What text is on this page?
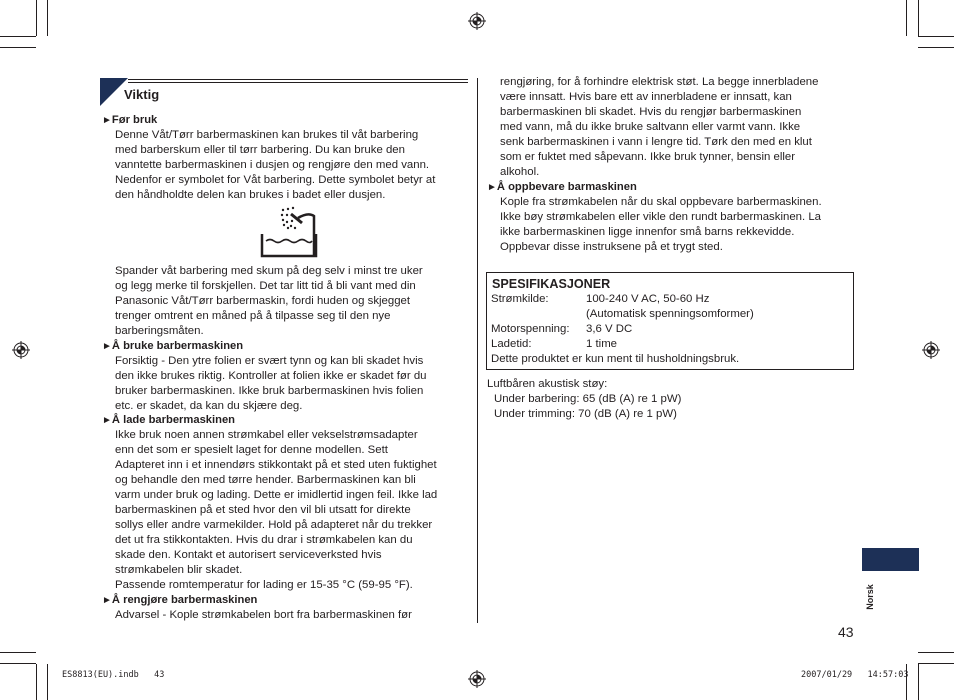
Viktig
►Før bruk
Denne Våt/Tørr barbermaskinen kan brukes til våt barbering
med barberskum eller til tørr barbering. Du kan bruke den
vanntette barbermaskinen i dusjen og rengjøre den med vann.
Nedenfor er symbolet for Våt barbering. Dette symbolet betyr at
den håndholdte delen kan brukes i badet eller dusjen.
Spander våt barbering med skum på deg selv i minst tre uker
og legg merke til forskjellen. Det tar litt tid å bli vant med din
Panasonic Våt/Tørr barbermaskin, fordi huden og skjegget
trenger omtrent en måned på å tilpasse seg til den nye
barberingsmåten.
►Å bruke barbermaskinen
Forsiktig - Den ytre folien er svært tynn og kan bli skadet hvis
den ikke brukes riktig. Kontroller at folien ikke er skadet før du
bruker barbermaskinen. Ikke bruk barbermaskinen hvis folien
etc. er skadet, da kan du skjære deg.
►Å lade barbermaskinen
Ikke bruk noen annen strømkabel eller vekselstrømsadapter
enn det som er spesielt laget for denne modellen. Sett
Adapteret inn i et innendørs stikkontakt på et sted uten fuktighet
og behandle den med tørre hender. Barbermaskinen kan bli
varm under bruk og lading. Dette er imidlertid ingen feil. Ikke lad
barbermaskinen på et sted hvor den vil bli utsatt for direkte
sollys eller andre varmekilder. Hold på adapteret når du trekker
det ut fra stikkontakten. Hvis du drar i strømkabelen kan du
skade den. Kontakt et autorisert serviceverksted hvis
strømkabelen blir skadet.
Passende romtemperatur for lading er 15-35 °C (59-95 °F).
►Å rengjøre barbermaskinen
Advarsel - Kople strømkabelen bort fra barbermaskinen før
rengjøring, for å forhindre elektrisk støt. La begge innerbladene
være innsatt. Hvis bare ett av innerbladene er innsatt, kan
barbermaskinen bli skadet. Hvis du rengjør barbermaskinen
med vann, må du ikke bruke saltvann eller varmt vann. Ikke
senk barbermaskinen i vann i lengre tid. Tørk den med en klut
som er fuktet med såpevann. Ikke bruk tynner, bensin eller
alkohol.
►Å oppbevare barmaskinen
Kople fra strømkabelen når du skal oppbevare barbermaskinen.
Ikke bøy strømkabelen eller vikle den rundt barbermaskinen. La
ikke barbermaskinen ligge innenfor små barns rekkevidde.
Oppbevar disse instruksene på et trygt sted.
SPESIFIKASJONER
Strømkilde:	100-240 V AC, 50-60 Hz
(Automatisk spenningsomformer)
Motorspenning: 3,6 V DC
Ladetid:	1 time
Dette produktet er kun ment til husholdningsbruk.
Luftbåren akustisk støy:
Under barbering: 65 (dB (A) re 1 pW)
Under trimming: 70 (dB (A) re 1 pW)
Norsk
43
ES8813(EU).indb   43	2007/01/29   14:57:03
